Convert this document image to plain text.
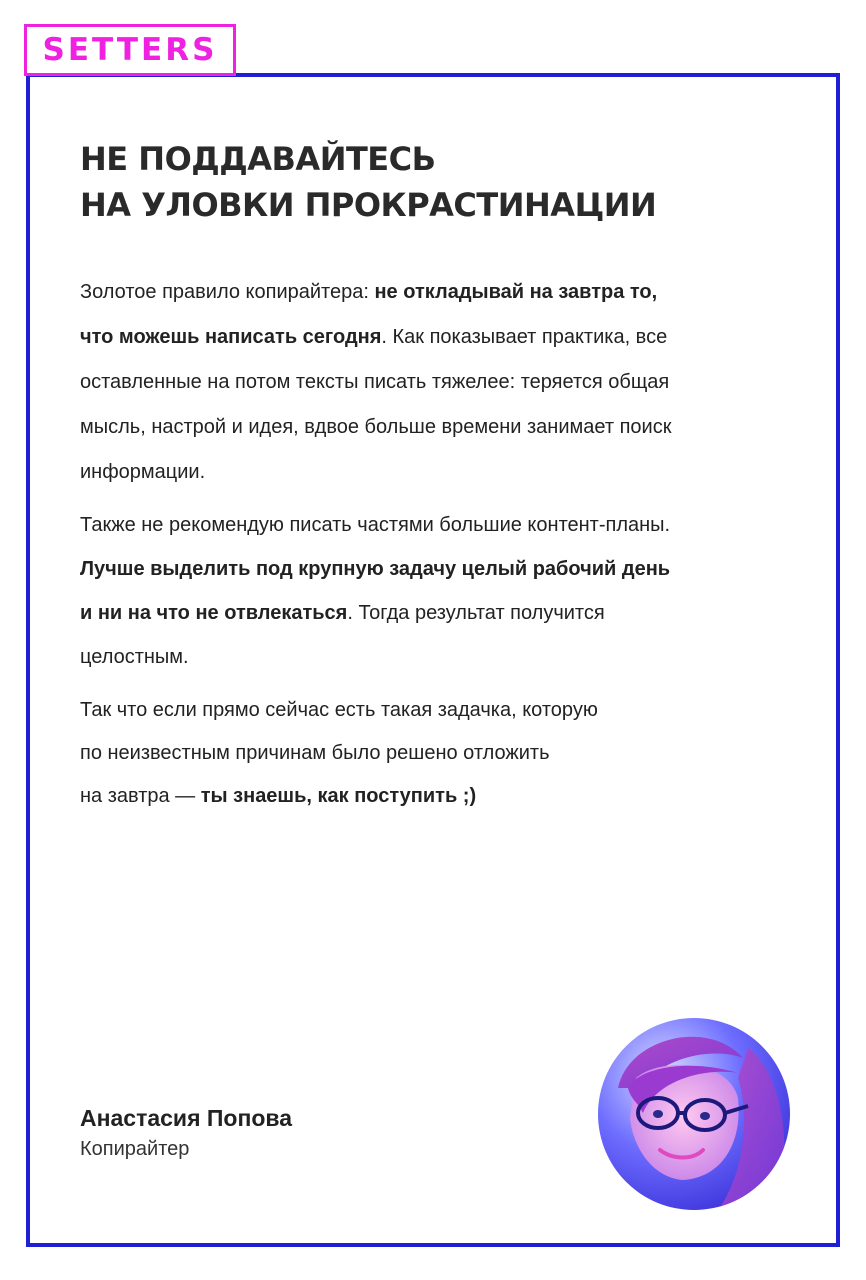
SETTERS
НЕ ПОДДАВАЙТЕСЬ
НА УЛОВКИ ПРОКРАСТИНАЦИИ

Золотое правило копирайтера: не откладывай на завтра то,
что можешь написать сегодня. Как показывает практика, все
оставленные на потом тексты писать тяжелее: теряется общая
мысль, настрой и идея, вдвое больше времени занимает поиск
информации.

Также не рекомендую писать частями большие контент-планы.
Лучше выделить под крупную задачу целый рабочий день
и ни на что не отвлекаться. Тогда результат получится
целостным.

Так что если прямо сейчас есть такая задачка, которую
по неизвестным причинам было решено отложить
на завтра — ты знаешь, как поступить ;)

Анастасия Попова
Копирайтер
